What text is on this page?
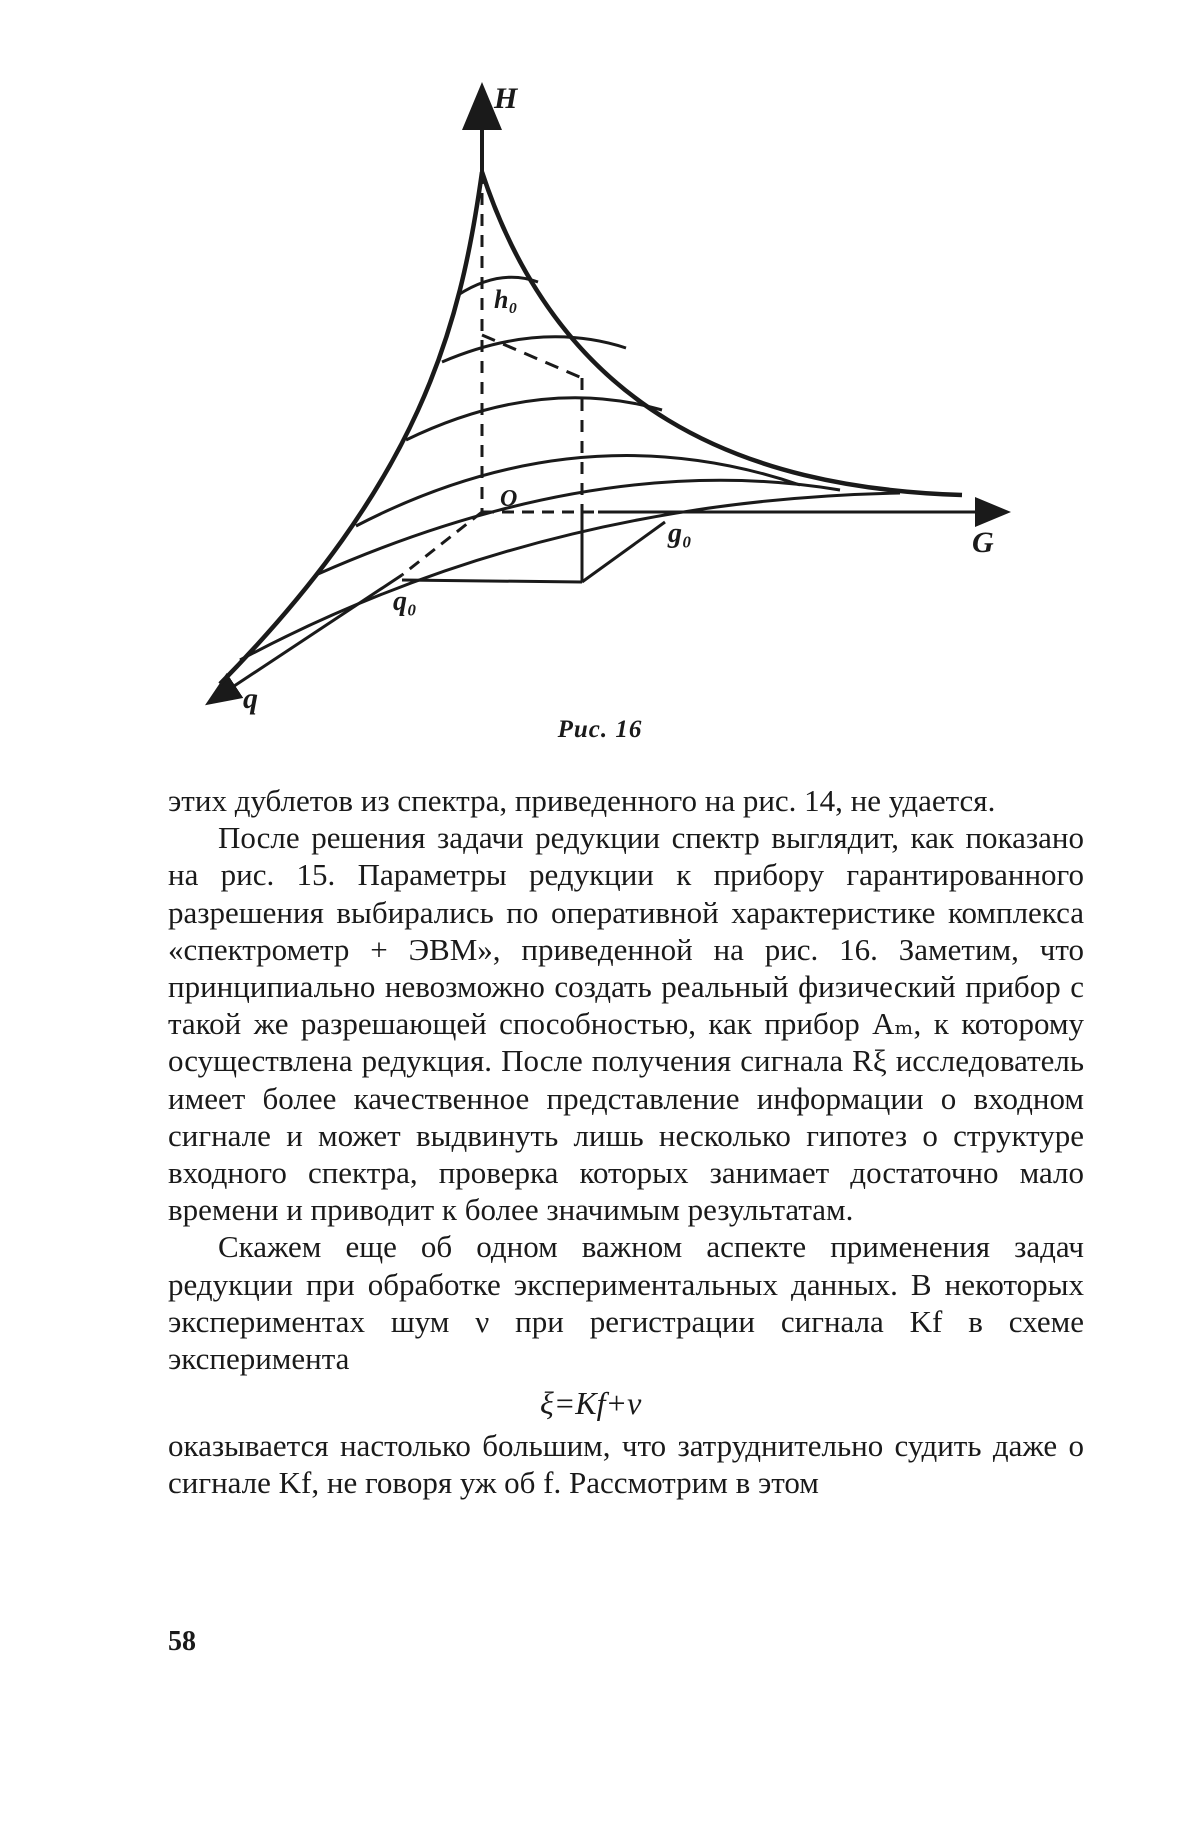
H
G
q
O
h₀
g₀
q₀
Рис. 16

этих дублетов из спектра, приведенного на рис. 14, не удается.

После решения задачи редукции спектр выглядит, как показано на рис. 15. Параметры редукции к прибору гарантированного разрешения выбирались по оперативной характеристике комплекса «спектрометр + ЭВМ», приведенной на рис. 16. Заметим, что принципиально невозможно создать реальный физический прибор с такой же разрешающей способностью, как прибор Aₘ, к которому осуществлена редукция. После получения сигнала Rξ исследователь имеет более качественное представление информации о входном сигнале и может выдвинуть лишь несколько гипотез о структуре входного спектра, проверка которых занимает достаточно мало времени и приводит к более значимым результатам.

Скажем еще об одном важном аспекте применения задач редукции при обработке экспериментальных данных. В некоторых экспериментах шум ν при регистрации сигнала Kf в схеме эксперимента

ξ=Kf+ν

оказывается настолько большим, что затруднительно судить даже о сигнале Kf, не говоря уж об f. Рассмотрим в этом

58
